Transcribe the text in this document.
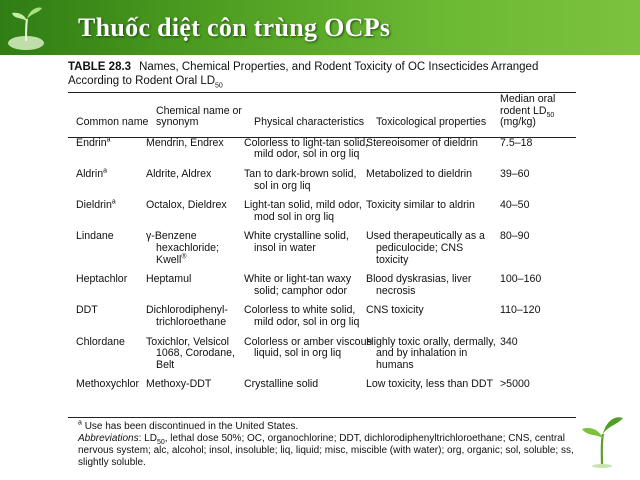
Thuốc diệt côn trùng OCPs
TABLE 28.3 Names, Chemical Properties, and Rodent Toxicity of OC Insecticides Arranged According to Rodent Oral $LD_{50}$
Common name	Chemical name or synonym	Physical characteristics	Toxicological properties	Median oral rodent $LD_{50}$
(mg/kg)
Endrin$^a$	Mendrin, Endrex	Colorless to light-tan solid, mild odor, sol in org liq	Stereoisomer of dieldrin	7.5–18
Aldrin$^a$	Aldrite, Aldrex	Tan to dark-brown solid, sol in org liq	Metabolized to dieldrin	39–60
Dieldrin$^a$	Octalox, Dieldrex	Light-tan solid, mild odor, mod sol in org liq	Toxicity similar to aldrin	40–50
Lindane	γ-Benzene hexachloride; Kwell®	White crystalline solid, insol in water	Used therapeutically as a pediculocide; CNS toxicity	80–90
Heptachlor	Heptamul	White or light-tan waxy solid; camphor odor	Blood dyskrasias, liver necrosis	100–160
DDT	Dichlorodiphenyl-trichloroethane	Colorless to white solid, mild odor, sol in org liq	CNS toxicity	110–120
Chlordane	Toxichlor, Velsicol 1068, Corodane, Belt	Colorless or amber viscous liquid, sol in org liq	Highly toxic orally, dermally, and by inhalation in humans	340
Methoxychlor	Methoxy-DDT	Crystalline solid	Low toxicity, less than DDT	>5000

$^a$ Use has been discontinued in the United States.

Abbreviations: $LD_{50}$, lethal dose 50%; OC, organochlorine; DDT, dichlorodiphenyltrichloroethane; CNS, central nervous system; alc, alcohol; insol, insoluble; liq, liquid; misc, miscible (with water); org, organic; sol, soluble; ss, slightly soluble.
